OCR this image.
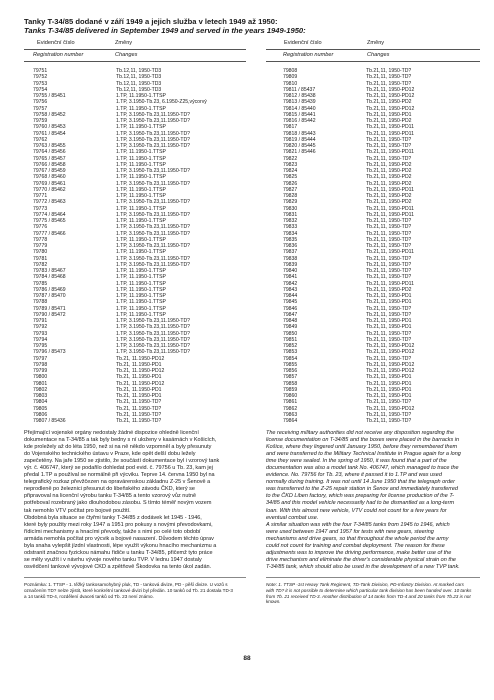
Tanky T-34/85 dodané v září 1949 a jejich služba v letech 1949 až 1950:
Tanks T-34/85 delivered in September 1949 and served in the years 1949-1950:
Evidenční číslo	Změny	Evidenční číslo	Změny
Registration number	Changes	Registration number	Changes
79751	Tb.12,11, 1950-TD3
79752	Tb.12,11, 1950-TD3
79753	Tb.12,11, 1950-TD3
79754	Tb.12,11, 1950-TD3
79755 / 85451	1.TP, 11.1950-1.TTSP
79756	1.TP, 3.1950-Tb.23, 6.1950-Z25,výcorvý
79757	1.TP, 11.1950-1.TTSP
79758 / 85452	1.TP, 3.1950-Tb.23,11.1950-TD?
79759	1.TP, 3.1950-Tb.23,11.1950-TD?
79760 / 85453	1.TP, 11.1950-1.TTSP
79761 / 85454	1.TP, 3.1950-Tb.23,11.1950-TD?
79762	1.TP, 3.1950-Tb.23,11.1950-TD?
79763 / 85455	1.TP, 3.1950-Tb.23,11.1950-TD?
79764 / 85456	1.TP, 11.1950-1.TTSP
79765 / 85457	1.TP, 11.1950-1.TTSP
79766 / 85458	1.TP, 11.1950-1.TTSP
79767 / 85459	1.TP, 3.1950-Tb.23,11.1950-TD?
79768 / 85460	1.TP, 11.1950-1.TTSP
79769 / 85461	1.TP, 3.1950-Tb.23,11.1950-TD?
79770 / 85462	1.TP, 11.1950-1.TTSP
79771	1.TP, 11.1950-1.TTSP
79772 / 85463	1.TP, 3.1950-Tb.23,11.1950-TD?
79773	1.TP, 11.1950-1.TTSP
79774 / 85464	1.TP, 3.1950-Tb.23,11.1950-TD?
79775 / 85465	1.TP, 11.1950-1.TTSP
79776	1.TP, 3.1950-Tb.23,11.1950-TD?
79777 / 85466	1.TP, 3.1950-Tb.23,11.1950-TD?
79778	1.TP, 11.1950-1.TTSP
79779	1.TP, 3.1950-Tb.23,11.1950-TD?
79780	1.TP, 11.1950-1.TTSP
79781	1.TP, 3.1950-Tb.23,11.1950-TD?
79782	1.TP, 3.1950-Tb.23,11.1950-TD?
79783 / 85467	1.TP, 11.1950-1.TTSP
79784 / 85468	1.TP, 11.1950-1.TTSP
79785	1.TP, 11.1950-1.TTSP
79786 / 85469	1.TP, 11.1950-1.TTSP
79787 / 85470	1.TP, 11.1950-1.TTSP
79788	1.TP, 11.1950-1.TTSP
79789 / 85471	1.TP, 11.1950-1.TTSP
79790 / 85472	1.TP, 11.1950-1.TTSP
79791	1.TP, 3.1950-Tb.23,11.1950-TD?
79792	1.TP, 3.1950-Tb.23,11.1950-TD?
79793	1.TP, 3.1950-Tb.23,11.1950-TD?
79794	1.TP, 3.1950-Tb.23,11.1950-TD?
79795	1.TP, 3.1950-Tb.23,11.1950-TD?
79796 / 85473	1.TP, 3.1950-Tb.23,11.1950-TD?
79797	Tb.21, 11.1950-PD12
79798	Tb.21, 11.1950-PD1
79799	Tb.21, 11.1950-PD12
79800	Tb.21, 11.1950-PD1
79801	Tb.21, 11.1950-PD12
79802	Tb.21, 11.1950-PD1
79803	Tb.21, 11.1950-PD1
79804	Tb.21, 11.1950-TD?
79805	Tb.21, 11.1950-TD?
79806	Tb.21, 11.1950-TD?
79807 / 85436	Tb.21, 11.1950-TD?
79808	Tb.21,11, 1950-TD?
79809	Tb.21,11, 1950-TD?
79810	Tb.21,11, 1950-TD?
79811 / 85437	Tb.21,11, 1950-PD12
79812 / 85438	Tb.21,11, 1950-PD12
79813 / 85439	Tb.21,11, 1950-PD2
79814 / 85440	Tb.21,11, 1950-PD12
79815 / 85441	Tb.21,11, 1950-PD1
79816 / 85442	Tb.21,11, 1950-PD2
79817	Tb.21,11, 1950-PD11
79818 / 85443	Tb.21,11, 1950-PD11
79819 / 85444	Tb.21,11, 1950-TD?
79820 / 85445	Tb.21,11, 1950-TD?
79821 / 85446	Tb.21,11, 1950-PD11
79822	Tb.21,11, 1950-TD?
79823	Tb.21,11, 1950-PD2
79824	Tb.21,11, 1950-PD2
79825	Tb.21,11, 1950-PD2
79826	Tb.21,11, 1950-PD2
79827	Tb.21,11, 1950-PD11
79828	Tb.21,11, 1950-PD2
79829	Tb.21,11, 1950-PD2
79830	Tb.21,11, 1950-PD11
79831	Tb.21,11, 1950-PD11
79832	Tb.21,11, 1950-TD?
79833	Tb.21,11, 1950-TD?
79834	Tb.21,11, 1950-TD?
79835	Tb.21,11, 1950-TD?
79836	Tb.21,11, 1950-TD?
79837	Tb.21,11, 1950-PD11
79838	Tb.21,11, 1950-TD?
79839	Tb.21,11, 1950-TD?
79840	Tb.21,11, 1950-TD?
79841	Tb.21,11, 1950-TD?
79842	Tb.21,11, 1950-PD11
79843	Tb.21,11, 1950-PD2
79844	Tb.21,11, 1950-PD1
79845	Tb.21,11, 1950-PD1
79846	Tb.21,11, 1950-TD?
79847	Tb.21,11, 1950-TD?
79848	Tb.21,11, 1950-PD1
79849	Tb.21,11, 1950-PD1
79850	Tb.21,11, 1950-TD?
79851	Tb.21,11, 1950-TD?
79852	Tb.21,11, 1950-PD12
79853	Tb.21,11, 1950-PD12
79854	Tb.21,11, 1950-TD?
79855	Tb.21,11, 1950-PD12
79856	Tb.21,11, 1950-PD12
79857	Tb.21,11, 1950-PD1
79858	Tb.21,11, 1950-PD1
79859	Tb.21,11, 1950-PD1
79860	Tb.21,11, 1950-PD1
79861	Tb.21,11, 1950-TD?
79862	Tb.21,11, 1950-PD12
79863	Tb.21,11, 1950-TD?
79864	Tb.21,11, 1950-TD?
Přejímající vojenské orgány nedostaly žádné dispozice ohledně licenční
dokumentace na T-34/85 a tak byly bedny s ní uloženy v kasárnách v Košicích,
kde proležely až do léta 1950, než si na ně někdo vzpomněl a byly přesunuty
do Vojenského technického ústavu v Praze, kde opět delší dobu ležely
zapečetěny. Na jaře 1950 se zjistilo, že součástí dokumentace byl i vzorový tank
výr. č. 406747, který se podařilo dohledat pod evid. č. 79756 u Tb. 23, kam jej
předal 1.TP a používal se normálně při výcviku. Teprve 14. června 1950 byl na
telegrafický rozkaz převžčezen na opravárenskou základnu Z-25 v Šenově a
neprodleně po železnici přesunut do libeňského závodu ČKD, který se
připravoval na licenční výrobu tanku T-34/85 a tento vzorový vůz nutně
potřeboval rozebraný jako dlouhodobou zásobu. S tímto téměř novým vozem
tak nemohlo VTV počítat pro bojové použití.
Obdobná byla situace se čtyřmi tanky T-34/85 z dodávek let 1945 - 1946,
které byly použity mezi roky 1947 a 1951 pro pokusy s novými převodovkami,
řídicími mechanismy a hnacími převody, takže s nimi po celé toto období
armáda nemohla počítat pro výcvik a bojové nasazení. Důvodem těchto úprav
byla snaha vylepšit jízdní vlastnosti, lépe využít výkonu hnacího mechanizmu a
odstranit značnou fyzickou námahu řidiče u tanku T-34/85, přičemž tyto práce
se měly využít i v návrhu vývoje nového tanku TVP. V lednu 1947 dostaly
osvědčení tankové vývojové CKD a zpětňově Škodovka na tento úkol zadán.
The receiving military authorities did not receive any disposition regarding the
license documentation on T-34/85 and the boxes were placed in the barracks in
Košice, where they lingered until January 1950, before they remembered them
and were transferred to the Military Technical Institute in Prague again for a long
time they were sealed. In the spring of 1950, it was found that a part of the
documentation was also a model tank No. 406747, which managed to trace the
evidence. No. 79756 for Tb. 23, where it passed it to 1.TP and was used
normally during training. It was not until 14 June 1950 that the telegraph order
was transferred to the Z-25 repair station in Šenov and immediately transferred
to the ČKD Liben factory, which was preparing for license production of the T-
34/85 and this model vehicle necessarily had to be dismantled as a long-term
loan. With this almost new vehicle, VTV could not count for a few years for
eventual combat use.
A similar situation was with the four T-34/85 tanks from 1945 to 1946, which
were used between 1947 and 1957 for tests with new gears, steering
mechanisms and drive gears, so that throughout the whole period the army
could not count for training and combat deployment. The reason for these
adjustments was to improve the driving performance, make better use of the
drive mechanism and eliminate the driver's considerable physical strain on the
T-34/85 tank, which should also be used in the development of a new TVP tank.
Poznámka: 1. TTSP - 1. těžký tankosamohybný pluk, TD - tanková divize, PD - pěší divize. U vozů s
označením TD? nelze zjistit, které konkrétní tankové divizi byl předán. 10 tanků od Tb. 21 dostala TD-3
a 14 tanků TD-4, rozdělení dvaceti tanků od Tb. 23 není známo.
Note: 1. TTSP -1st Heavy Tank Regiment, TD-Tank Division, PD-Infantry Division. At marked cars
with TD? it is not possible to determine which particular tank division has been handed over. 10 tanks
from Tb. 21 received TD-3. Another distribution of 14 tanks from TD-4 and 20 tanks from Tb.23 is not
known.
88
